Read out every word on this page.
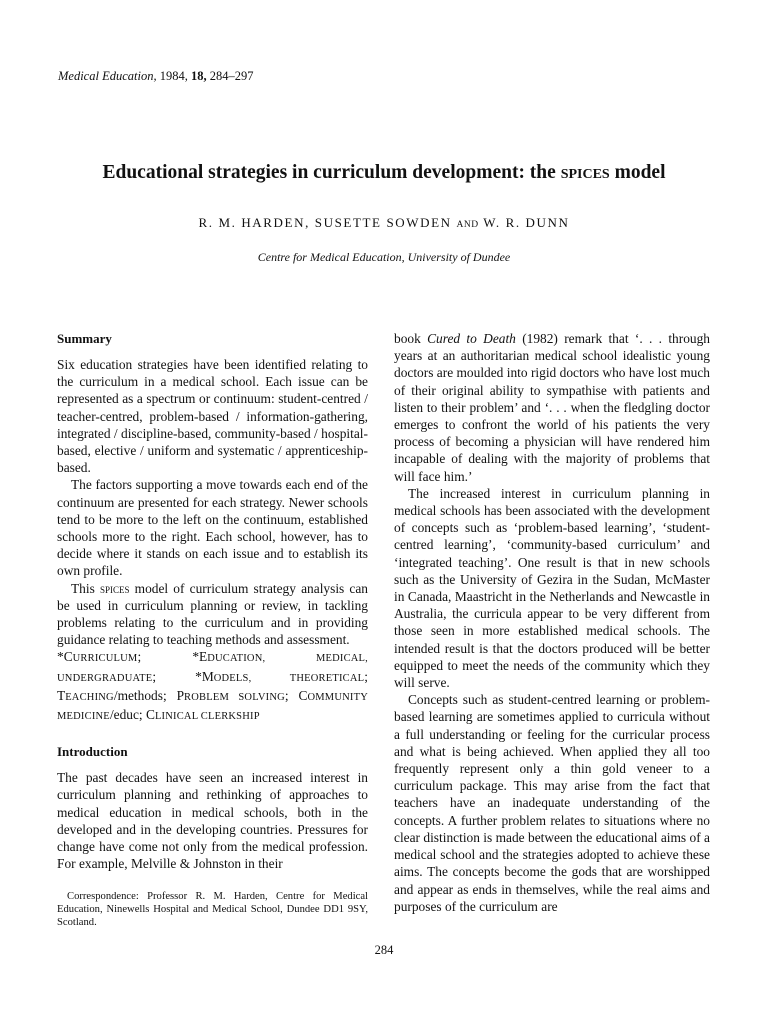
Medical Education, 1984, 18, 284–297
Educational strategies in curriculum development: the spices model
R. M. HARDEN, SUSETTE SOWDEN AND W. R. DUNN
Centre for Medical Education, University of Dundee
Summary

Six education strategies have been identified relating to the curriculum in a medical school. Each issue can be represented as a spectrum or continuum: student-centred / teacher-centred, problem-based / information-gathering, integrated / discipline-based, community-based / hospital-based, elective / uniform and systematic / apprenticeship-based.

The factors supporting a move towards each end of the continuum are presented for each strategy. Newer schools tend to be more to the left on the continuum, established schools more to the right. Each school, however, has to decide where it stands on each issue and to establish its own profile.

This spices model of curriculum strategy analysis can be used in curriculum planning or review, in tackling problems relating to the curriculum and in providing guidance relating to teaching methods and assessment.

*CURRICULUM; *EDUCATION, MEDICAL, UNDERGRADUATE; *MODELS, THEORETICAL; TEACHING/methods; PROBLEM SOLVING; COMMUNITY MEDICINE/educ; CLINICAL CLERKSHIP

Introduction

The past decades have seen an increased interest in curriculum planning and rethinking of approaches to medical education in medical schools, both in the developed and in the developing countries. Pressures for change have come not only from the medical profession. For example, Melville & Johnston in their

book Cured to Death (1982) remark that ‘. . . through years at an authoritarian medical school idealistic young doctors are moulded into rigid doctors who have lost much of their original ability to sympathise with patients and listen to their problem’ and ‘. . . when the fledgling doctor emerges to confront the world of his patients the very process of becoming a physician will have rendered him incapable of dealing with the majority of problems that will face him.’

The increased interest in curriculum planning in medical schools has been associated with the development of concepts such as ‘problem-based learning’, ‘student-centred learning’, ‘community-based curriculum’ and ‘integrated teaching’. One result is that in new schools such as the University of Gezira in the Sudan, McMaster in Canada, Maastricht in the Netherlands and Newcastle in Australia, the curricula appear to be very different from those seen in more established medical schools. The intended result is that the doctors produced will be better equipped to meet the needs of the community which they will serve.

Concepts such as student-centred learning or problem-based learning are sometimes applied to curricula without a full understanding or feeling for the curricular process and what is being achieved. When applied they all too frequently represent only a thin gold veneer to a curriculum package. This may arise from the fact that teachers have an inadequate understanding of the concepts. A further problem relates to situations where no clear distinction is made between the educational aims of a medical school and the strategies adopted to achieve these aims. The concepts become the gods that are worshipped and appear as ends in themselves, while the real aims and purposes of the curriculum are

Correspondence: Professor R. M. Harden, Centre for Medical Education, Ninewells Hospital and Medical School, Dundee DD1 9SY, Scotland.

284
